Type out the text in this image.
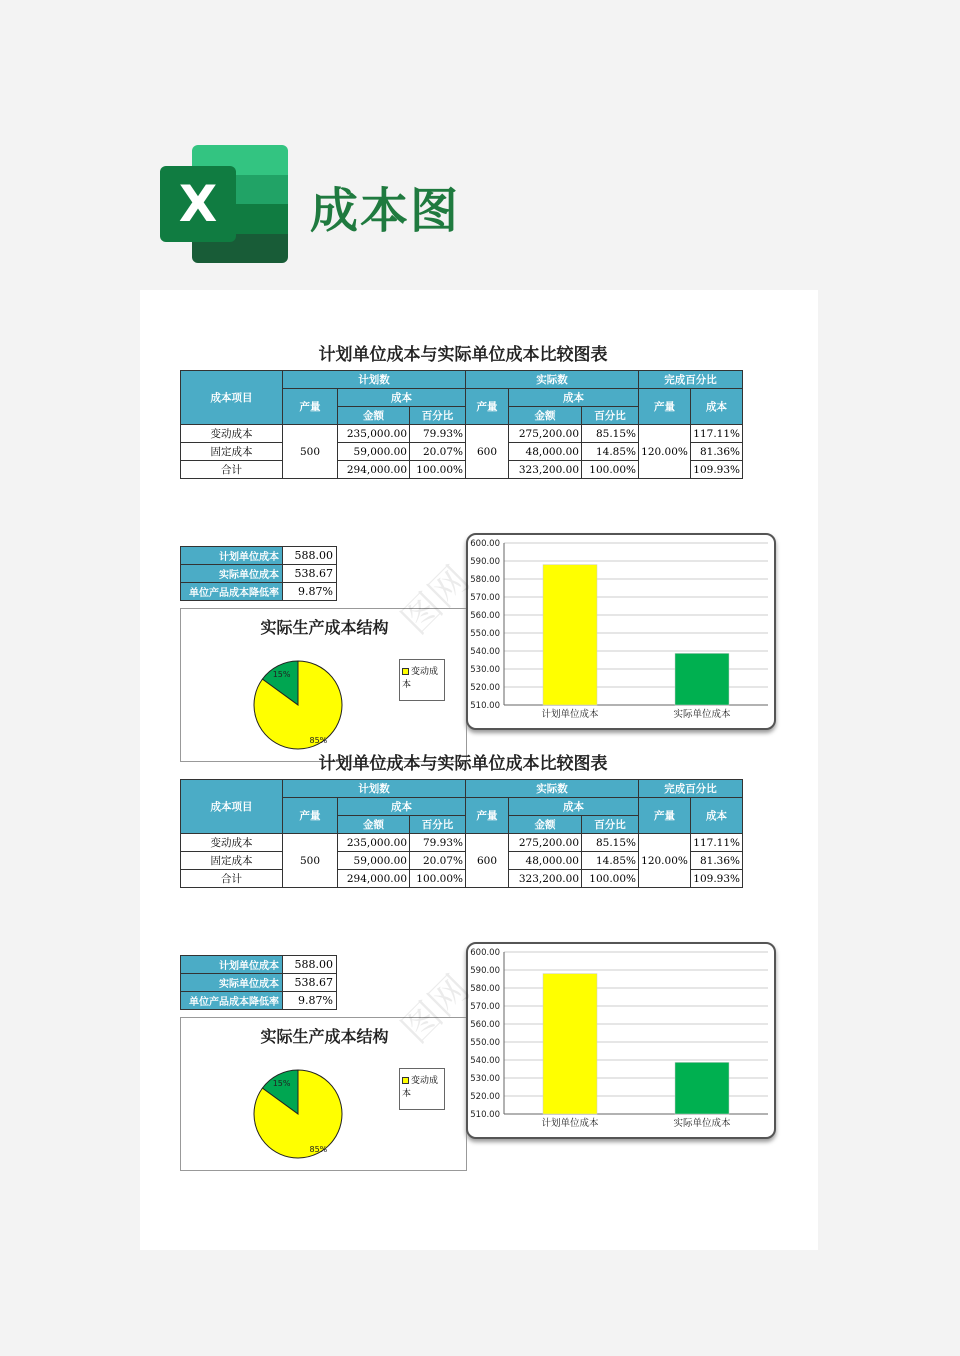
X	成本图
计划单位成本与实际单位成本比较图表
成本项目	计划数			实际数			完成百分比	
	产量	成本		产量	成本		产量	成本
		金额	百分比		金额	百分比		
变动成本	500	235,000.00	79.93%	600	275,200.00	85.15%	120.00%	117.11%
固定成本		59,000.00	20.07%		48,000.00	14.85%		81.36%
合计		294,000.00	100.00%		323,200.00	100.00%		109.93%
计划单位成本	588.00
实际单位成本	538.67
单位产品成本降低率	9.87%
实际生产成本结构
15%
85%
变动成本
510.00
520.00
530.00
540.00
550.00
560.00
570.00
580.00
590.00
600.00
计划单位成本	实际单位成本
图网
计划单位成本与实际单位成本比较图表
成本项目	计划数			实际数			完成百分比	
	产量	成本		产量	成本		产量	成本
		金额	百分比		金额	百分比		
变动成本	500	235,000.00	79.93%	600	275,200.00	85.15%	120.00%	117.11%
固定成本		59,000.00	20.07%		48,000.00	14.85%		81.36%
合计		294,000.00	100.00%		323,200.00	100.00%		109.93%
计划单位成本	588.00
实际单位成本	538.67
单位产品成本降低率	9.87%
实际生产成本结构
15%
85%
变动成本
510.00
520.00
530.00
540.00
550.00
560.00
570.00
580.00
590.00
600.00
计划单位成本	实际单位成本
图网
